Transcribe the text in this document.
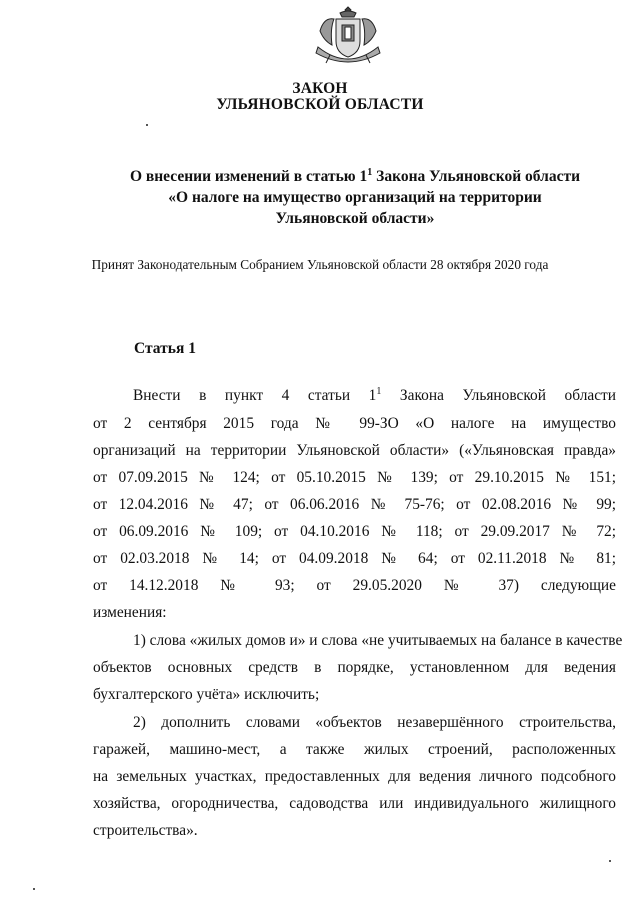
ЗАКОН
УЛЬЯНОВСКОЙ ОБЛАСТИ
О внесении изменений в статью $1^1$ Закона Ульяновской области
«О налоге на имущество организаций на территории
Ульяновской области»
Принят Законодательным Собранием Ульяновской области 28 октября 2020 года
Статья 1
Внести в пункт 4 статьи $1^1$ Закона Ульяновской области
от 2 сентября 2015 года № 99-ЗО «О налоге на имущество
организаций на территории Ульяновской области» («Ульяновская правда»
от 07.09.2015 № 124; от 05.10.2015 № 139; от 29.10.2015 № 151;
от 12.04.2016 № 47; от 06.06.2016 № 75-76; от 02.08.2016 № 99;
от 06.09.2016 № 109; от 04.10.2016 № 118; от 29.09.2017 № 72;
от 02.03.2018 № 14; от 04.09.2018 № 64; от 02.11.2018 № 81;
от 14.12.2018 № 93; от 29.05.2020 № 37) следующие
изменения:
1) слова «жилых домов и» и слова «не учитываемых на балансе в качестве
объектов основных средств в порядке, установленном для ведения
бухгалтерского учёта» исключить;
2) дополнить словами «объектов незавершённого строительства,
гаражей, машино-мест, а также жилых строений, расположенных
на земельных участках, предоставленных для ведения личного подсобного
хозяйства, огородничества, садоводства или индивидуального жилищного
строительства».
